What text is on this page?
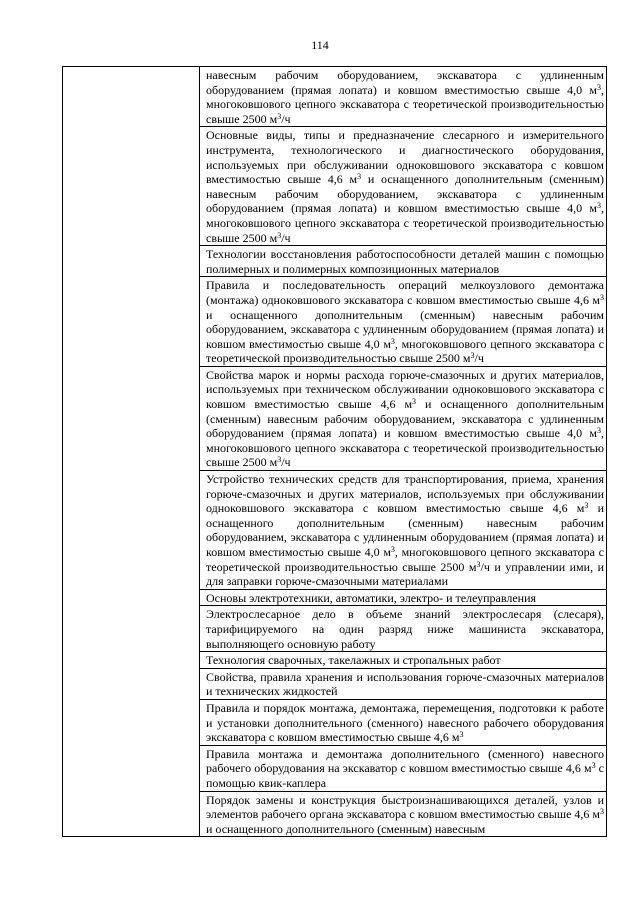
114

навесным рабочим оборудованием, экскаватора с удлиненным оборудованием (прямая лопата) и ковшом вместимостью свыше 4,0 $м^3$, многоковшового цепного экскаватора с теоретической производительностью свыше 2500 $м^3/ч$

Основные виды, типы и предназначение слесарного и измерительного инструмента, технологического и диагностического оборудования, используемых при обслуживании одноковшового экскаватора с ковшом вместимостью свыше 4,6 $м^3$ и оснащенного дополнительным (сменным) навесным рабочим оборудованием, экскаватора с удлиненным оборудованием (прямая лопата) и ковшом вместимостью свыше 4,0 $м^3$, многоковшового цепного экскаватора с теоретической производительностью свыше 2500 $м^3/ч$

Технологии восстановления работоспособности деталей машин с помощью полимерных и полимерных композиционных материалов

Правила и последовательность операций мелкоузлового демонтажа (монтажа) одноковшового экскаватора с ковшом вместимостью свыше 4,6 $м^3$ и оснащенного дополнительным (сменным) навесным рабочим оборудованием, экскаватора с удлиненным оборудованием (прямая лопата) и ковшом вместимостью свыше 4,0 $м^3$, многоковшового цепного экскаватора с теоретической производительностью свыше 2500 $м^3/ч$

Свойства марок и нормы расхода горюче-смазочных и других материалов, используемых при техническом обслуживании одноковшового экскаватора с ковшом вместимостью свыше 4,6 $м^3$ и оснащенного дополнительным (сменным) навесным рабочим оборудованием, экскаватора с удлиненным оборудованием (прямая лопата) и ковшом вместимостью свыше 4,0 $м^3$, многоковшового цепного экскаватора с теоретической производительностью свыше 2500 $м^3/ч$

Устройство технических средств для транспортирования, приема, хранения горюче-смазочных и других материалов, используемых при обслуживании одноковшового экскаватора с ковшом вместимостью свыше 4,6 $м^3$ и оснащенного дополнительным (сменным) навесным рабочим оборудованием, экскаватора с удлиненным оборудованием (прямая лопата) и ковшом вместимостью свыше 4,0 $м^3$, многоковшового цепного экскаватора с теоретической производительностью свыше 2500 $м^3/ч$ и управлении ими, и для заправки горюче-смазочными материалами

Основы электротехники, автоматики, электро- и телеуправления

Электрослесарное дело в объеме знаний электрослесаря (слесаря), тарифицируемого на один разряд ниже машиниста экскаватора, выполняющего основную работу

Технология сварочных, такелажных и стропальных работ

Свойства, правила хранения и использования горюче-смазочных материалов и технических жидкостей

Правила и порядок монтажа, демонтажа, перемещения, подготовки к работе и установки дополнительного (сменного) навесного рабочего оборудования экскаватора с ковшом вместимостью свыше 4,6 $м^3$

Правила монтажа и демонтажа дополнительного (сменного) навесного рабочего оборудования на экскаватор с ковшом вместимостью свыше 4,6 $м^3$ с помощью квик-каплера

Порядок замены и конструкция быстроизнашивающихся деталей, узлов и элементов рабочего органа экскаватора с ковшом вместимостью свыше 4,6 $м^3$ и оснащенного дополнительного (сменным) навесным
